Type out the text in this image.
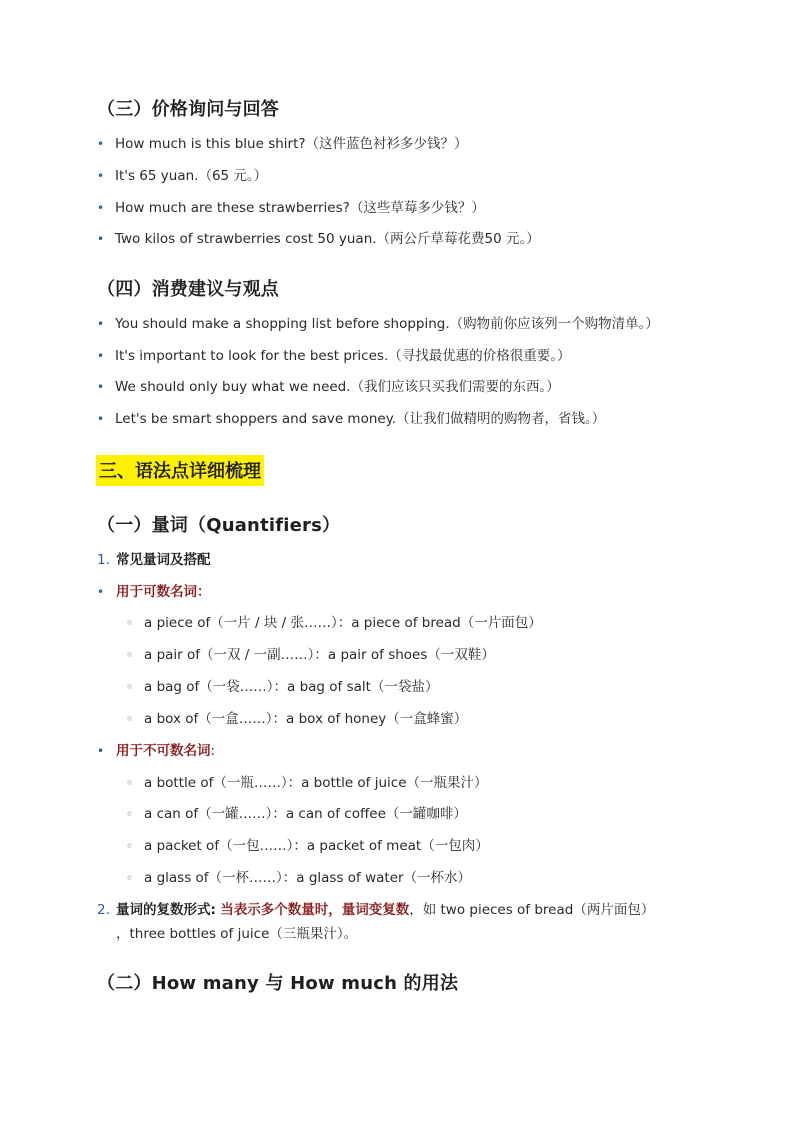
（三）价格询问与回答
• How much is this blue shirt?（这件蓝色衬衫多少钱？）
• It's 65 yuan.（65 元。）
• How much are these strawberries?（这些草莓多少钱？）
• Two kilos of strawberries cost 50 yuan.（两公斤草莓花费50 元。）
（四）消费建议与观点
• You should make a shopping list before shopping.（购物前你应该列一个购物清单。）
• It's important to look for the best prices.（寻找最优惠的价格很重要。）
• We should only buy what we need.（我们应该只买我们需要的东西。）
• Let's be smart shoppers and save money.（让我们做精明的购物者，省钱。）
三、语法点详细梳理
（一）量词（Quantifiers）
1. 常见量词及搭配
• 用于可数名词：
◦ a piece of（一片 / 块 / 张……）：a piece of bread（一片面包）
◦ a pair of（一双 / 一副……）：a pair of shoes（一双鞋）
◦ a bag of（一袋……）：a bag of salt（一袋盐）
◦ a box of（一盒……）：a box of honey（一盒蜂蜜）
• 用于不可数名词:
◦ a bottle of（一瓶……）：a bottle of juice（一瓶果汁）
◦ a can of（一罐……）：a can of coffee（一罐咖啡）
◦ a packet of（一包……）：a packet of meat（一包肉）
◦ a glass of（一杯……）：a glass of water（一杯水）
2. 量词的复数形式: 当表示多个数量时，量词变复数，如 two pieces of bread（两片面包）
，three bottles of juice（三瓶果汁）。
（二）How many 与 How much 的用法
